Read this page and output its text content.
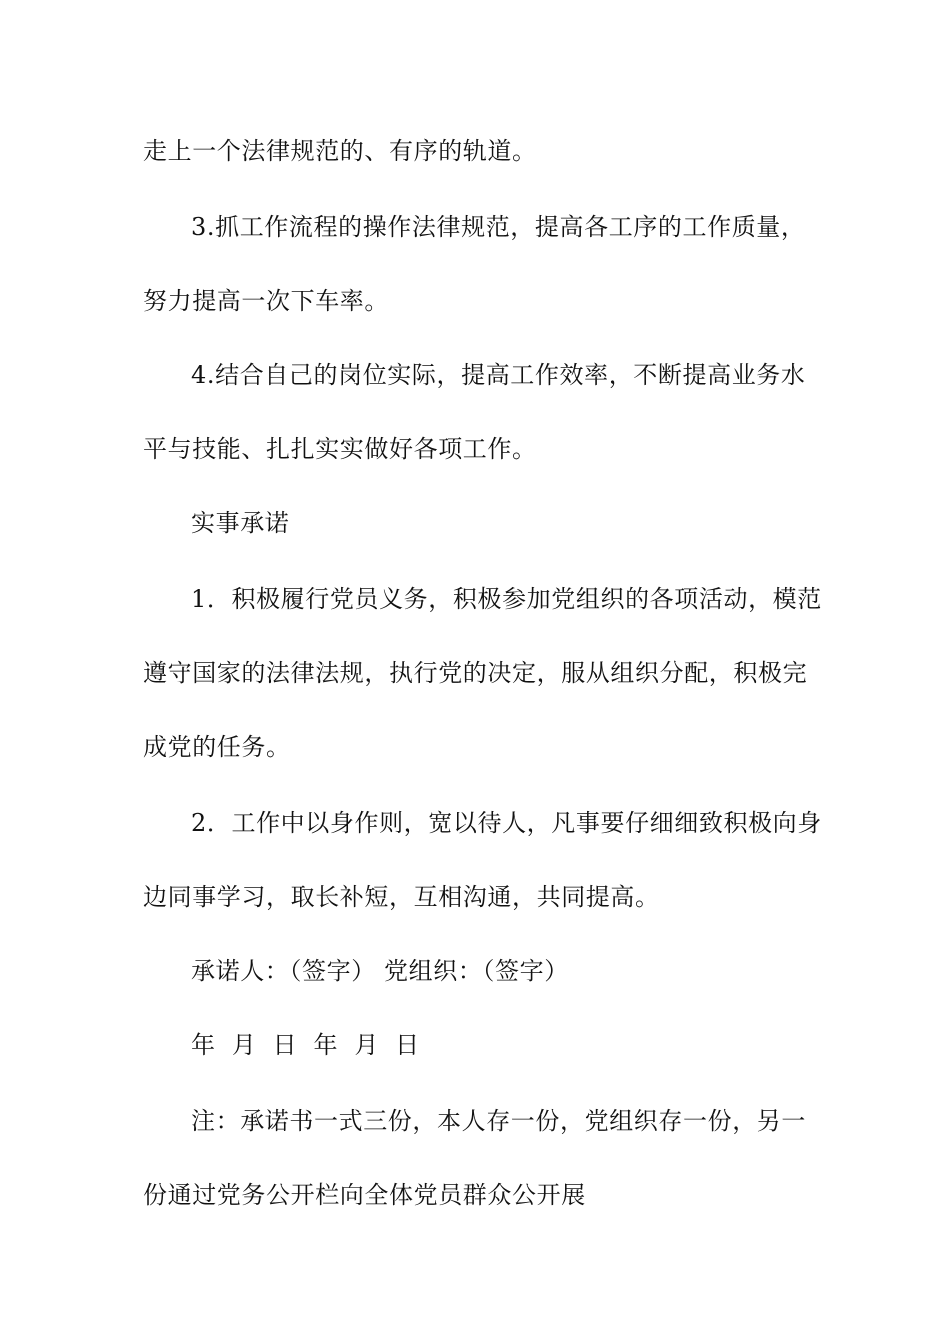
走上一个法律规范的、有序的轨道。
3.抓工作流程的操作法律规范，提高各工序的工作质量，
努力提高一次下车率。
4.结合自己的岗位实际，提高工作效率，不断提高业务水
平与技能、扎扎实实做好各项工作。
实事承诺
1．积极履行党员义务，积极参加党组织的各项活动，模范
遵守国家的法律法规，执行党的决定，服从组织分配，积极完
成党的任务。
2．工作中以身作则，宽以待人，凡事要仔细细致积极向身
边同事学习，取长补短，互相沟通，共同提高。
承诺人：（签字） 党组织：（签字）
年 月 日 年 月 日
注：承诺书一式三份，本人存一份，党组织存一份，另一
份通过党务公开栏向全体党员群众公开展
